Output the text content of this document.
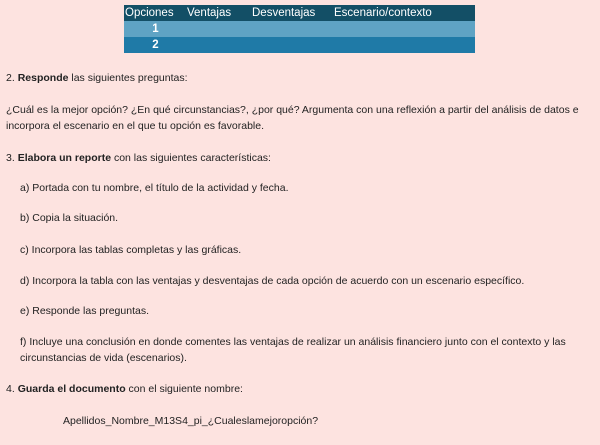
Opciones	Ventajas	Desventajas	Escenario/contexto
1			
2			
2. Responde las siguientes preguntas:
¿Cuál es la mejor opción? ¿En qué circunstancias?, ¿por qué? Argumenta con una reflexión a partir del análisis de datos e incorpora el escenario en el que tu opción es favorable.
3. Elabora un reporte con las siguientes características:
a) Portada con tu nombre, el título de la actividad y fecha.
b) Copia la situación.
c) Incorpora las tablas completas y las gráficas.
d) Incorpora la tabla con las ventajas y desventajas de cada opción de acuerdo con un escenario específico.
e) Responde las preguntas.
f) Incluye una conclusión en donde comentes las ventajas de realizar un análisis financiero junto con el contexto y las circunstancias de vida (escenarios).
4. Guarda el documento con el siguiente nombre:
Apellidos_Nombre_M13S4_pi_¿Cualeslamejoropción?
